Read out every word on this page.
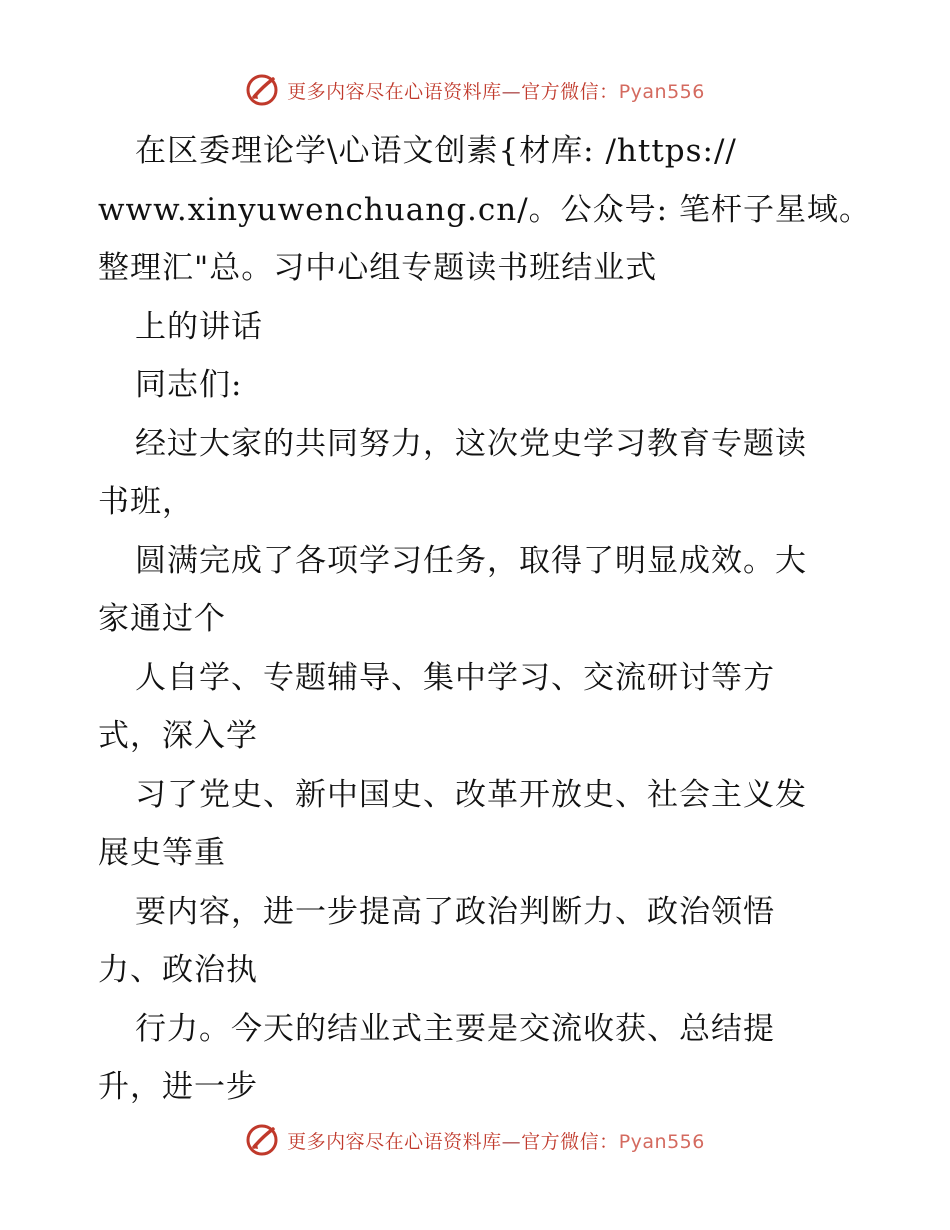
更多内容尽在心语资料库—官方微信：Pyan556
在区委理论学\心语文创素{材库: /https://
www.xinyuwenchuang.cn/。公众号: 笔杆子星域。
整理汇"总。习中心组专题读书班结业式
上的讲话
同志们:
经过大家的共同努力，这次党史学习教育专题读
书班，
圆满完成了各项学习任务，取得了明显成效。大
家通过个
人自学、专题辅导、集中学习、交流研讨等方
式，深入学
习了党史、新中国史、改革开放史、社会主义发
展史等重
要内容，进一步提高了政治判断力、政治领悟
力、政治执
行力。今天的结业式主要是交流收获、总结提
升，进一步
更多内容尽在心语资料库—官方微信：Pyan556
